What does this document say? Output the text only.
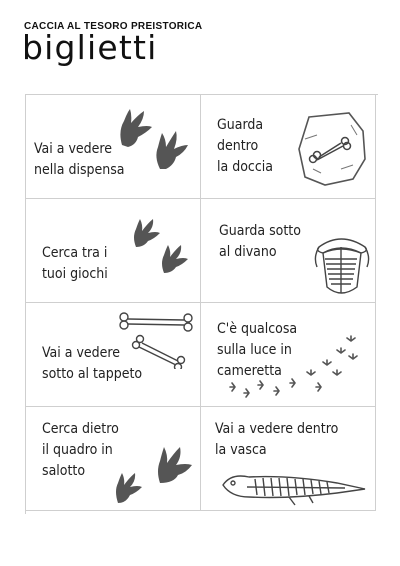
CACCIA AL TESORO PREISTORICA
biglietti
Vai a vedere
nella dispensa
Guarda
dentro
la doccia
Cerca tra i
tuoi giochi
Guarda sotto
al divano
Vai a vedere
sotto al tappeto
C'è qualcosa
sulla luce in
cameretta
Cerca dietro
il quadro in
salotto
Vai a vedere dentro
la vasca
